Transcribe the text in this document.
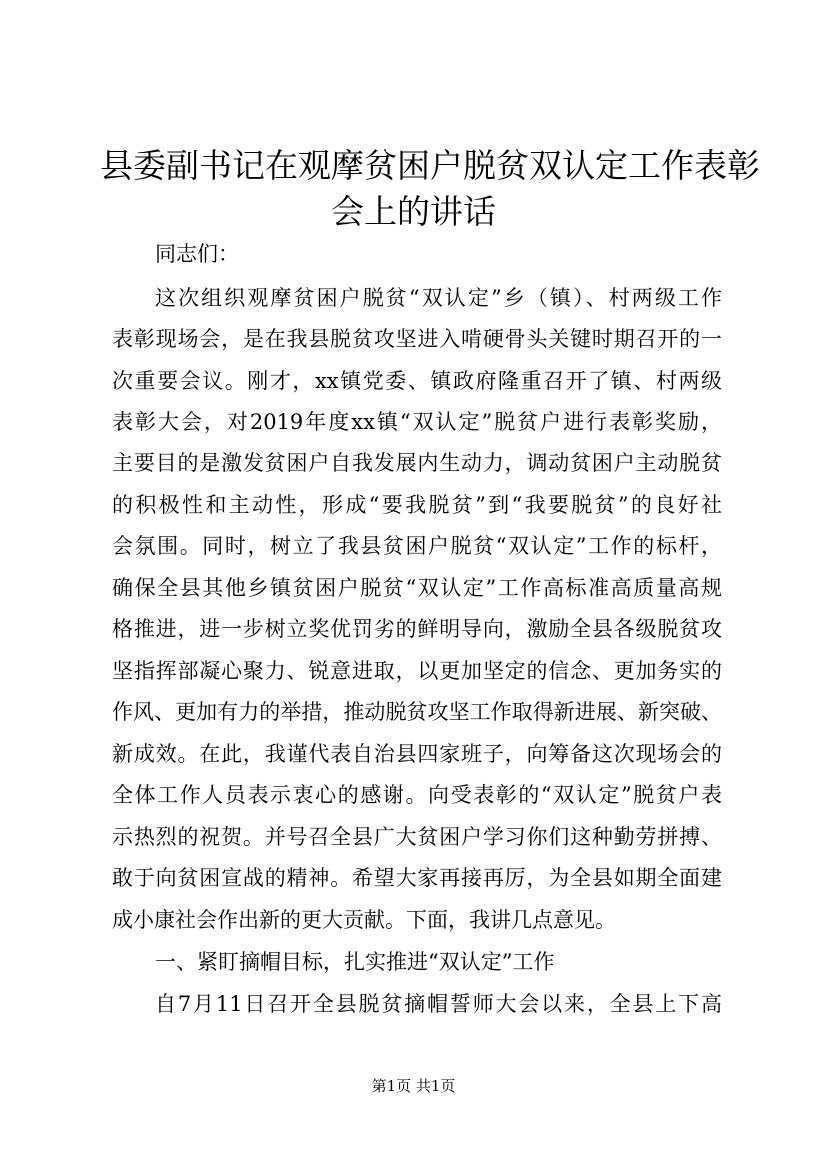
县委副书记在观摩贫困户脱贫双认定工作表彰
会上的讲话

同志们：

这次组织观摩贫困户脱贫“双认定”乡（镇）、村两级工作

表彰现场会，是在我县脱贫攻坚进入啃硬骨头关键时期召开的一

次重要会议。刚才，xx镇党委、镇政府隆重召开了镇、村两级

表彰大会，对2019年度xx镇“双认定”脱贫户进行表彰奖励，

主要目的是激发贫困户自我发展内生动力，调动贫困户主动脱贫

的积极性和主动性，形成“要我脱贫”到“我要脱贫”的良好社

会氛围。同时，树立了我县贫困户脱贫“双认定”工作的标杆，

确保全县其他乡镇贫困户脱贫“双认定”工作高标准高质量高规

格推进，进一步树立奖优罚劣的鲜明导向，激励全县各级脱贫攻

坚指挥部凝心聚力、锐意进取，以更加坚定的信念、更加务实的

作风、更加有力的举措，推动脱贫攻坚工作取得新进展、新突破、

新成效。在此，我谨代表自治县四家班子，向筹备这次现场会的

全体工作人员表示衷心的感谢。向受表彰的“双认定”脱贫户表

示热烈的祝贺。并号召全县广大贫困户学习你们这种勤劳拼搏、

敢于向贫困宣战的精神。希望大家再接再厉，为全县如期全面建

成小康社会作出新的更大贡献。下面，我讲几点意见。

一、紧盯摘帽目标，扎实推进“双认定”工作

自7月11日召开全县脱贫摘帽誓师大会以来，全县上下高

第1页 共1页
